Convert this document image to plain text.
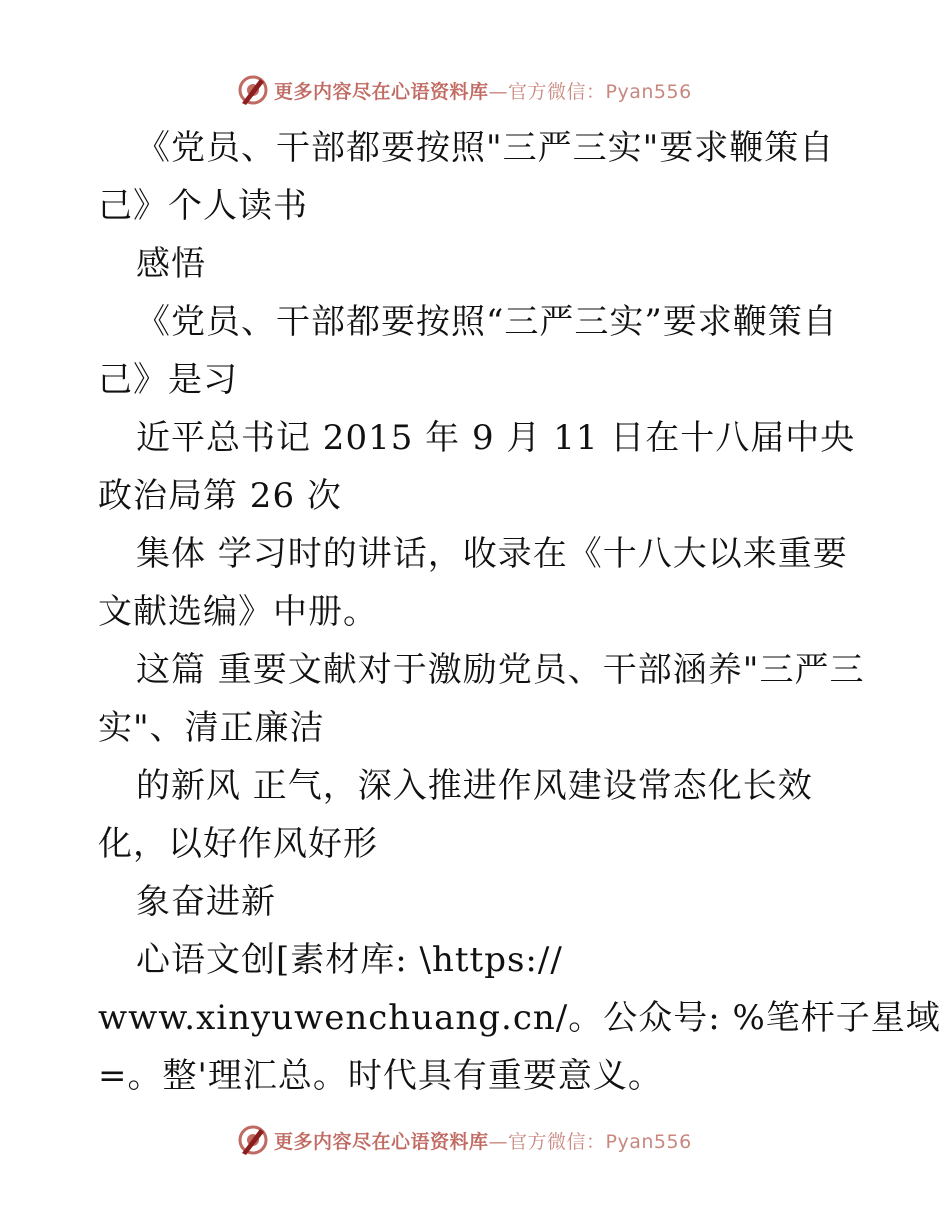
更多内容尽在心语资料库—官方微信：Pyan556
《党员、干部都要按照"三严三实"要求鞭策自
己》个人读书
感悟
《党员、干部都要按照“三严三实”要求鞭策自
己》是习
近平总书记 2015 年 9 月 11 日在十八届中央
政治局第 26 次
集体 学习时的讲话，收录在《十八大以来重要
文献选编》中册。
这篇 重要文献对于激励党员、干部涵养"三严三
实"、清正廉洁
的新风 正气，深入推进作风建设常态化长效
化，以好作风好形
象奋进新
心语文创[素材库: \https://
www.xinyuwenchuang.cn/。公众号: %笔杆子星域
=。整'理汇总。时代具有重要意义。
更多内容尽在心语资料库—官方微信：Pyan556
